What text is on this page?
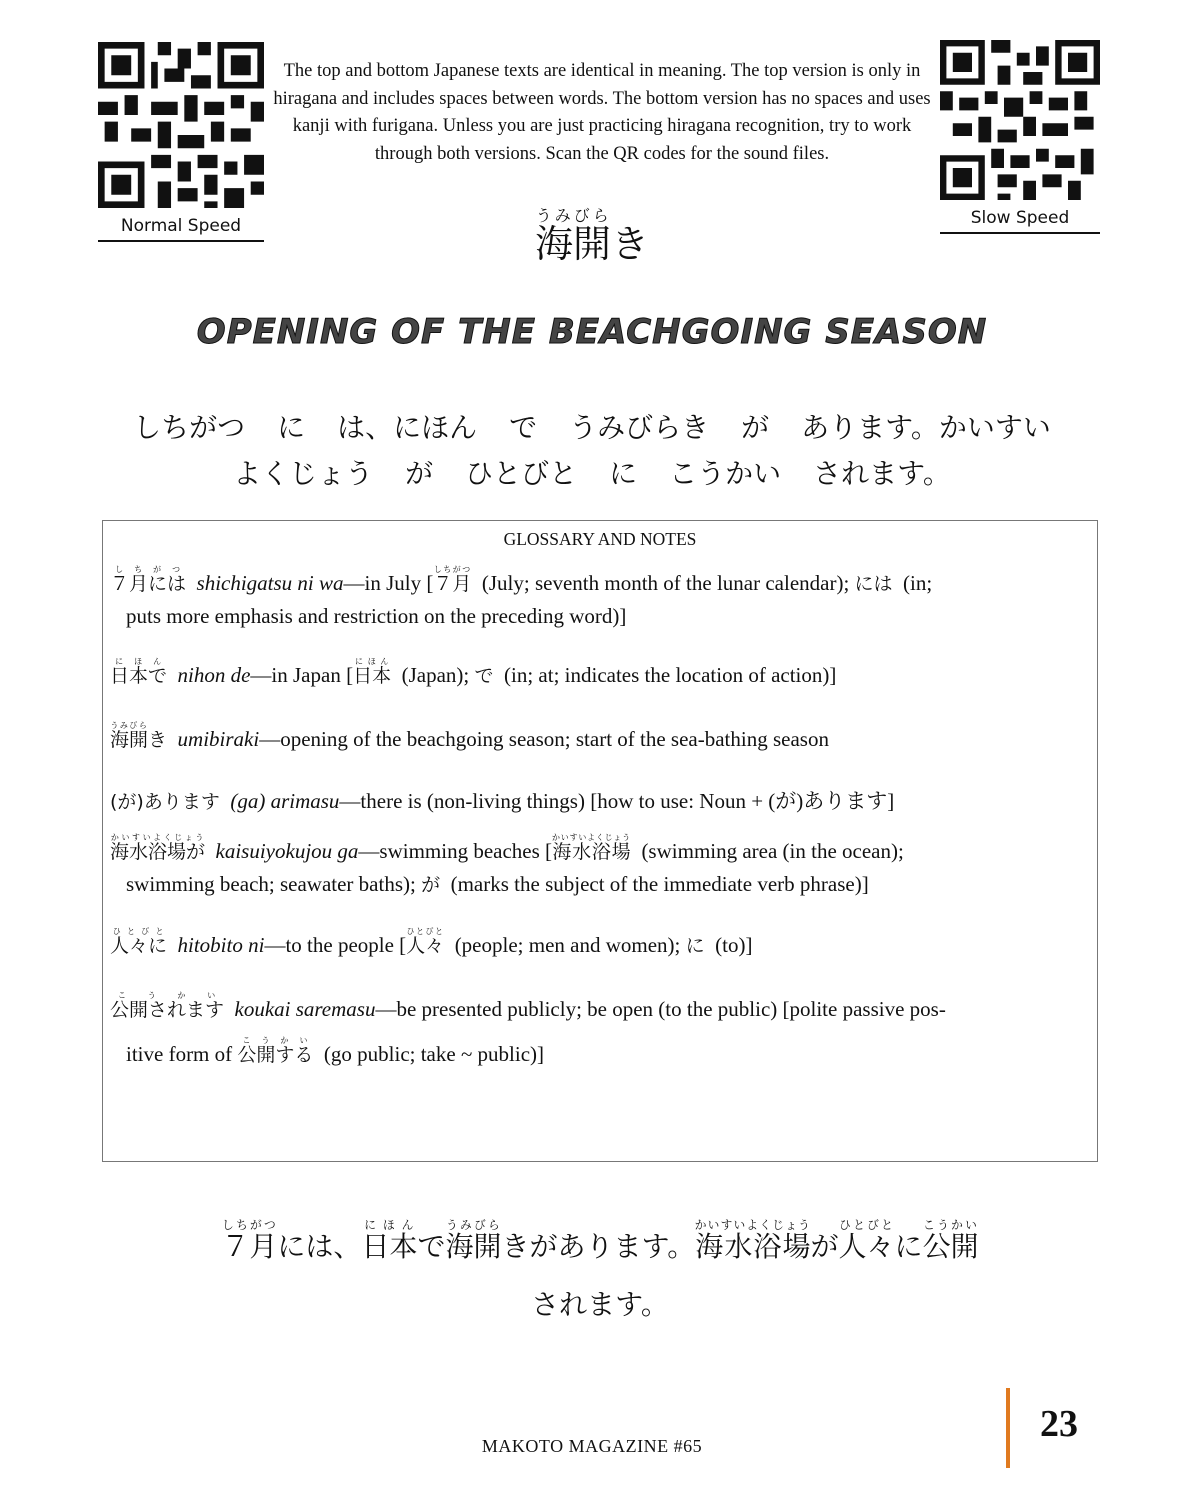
Normal Speed	Slow Speed
The top and bottom Japanese texts are identical in meaning. The top version is only in hiragana and includes spaces between words. The bottom version has no spaces and uses kanji with furigana. Unless you are just practicing hiragana recognition, try to work through both versions. Scan the QR codes for the sound files.
海開うみびらき
OPENING OF THE BEACHGOING SEASON
しちがつ に は、にほん で うみびらき が あります。かいすい
よくじょう が ひとびと に こうかい されます。
GLOSSARY AND NOTES
７月にはしちがつ  shichigatsu ni wa—in July [７月しちがつ  (July; seventh month of the lunar calendar); には (in;
puts more emphasis and restriction on the preceding word)]
日本でにほん  nihon de—in Japan [日本にほん  (Japan); で (in; at; indicates the location of action)]
海開うみびらき umibiraki—opening of the beachgoing season; start of the sea-bathing season
(が)あります (ga) arimasu—there is (non-living things) [how to use: Noun + (が)あります]
海水浴場がかいすいよくじょう  kaisuiyokujou ga—swimming beaches [海水浴場かいすいよくじょう  (swimming area (in the ocean);
swimming beach; seawater baths); が (marks the subject of the immediate verb phrase)]
人々にひとびと  hitobito ni—to the people [人々ひとびと  (people; men and women); に (to)]
公開されますこうかい  koukai saremasu—be presented publicly; be open (to the public) [polite passive pos-
itive form of 公開するこうかい  (go public; take ~ public)]
７月しちがつには、日本にほんで海開うみびらきがあります。海水浴場かいすいよくじょうが人々ひとびとに公開こうかい
されます。
MAKOTO MAGAZINE #65
23
